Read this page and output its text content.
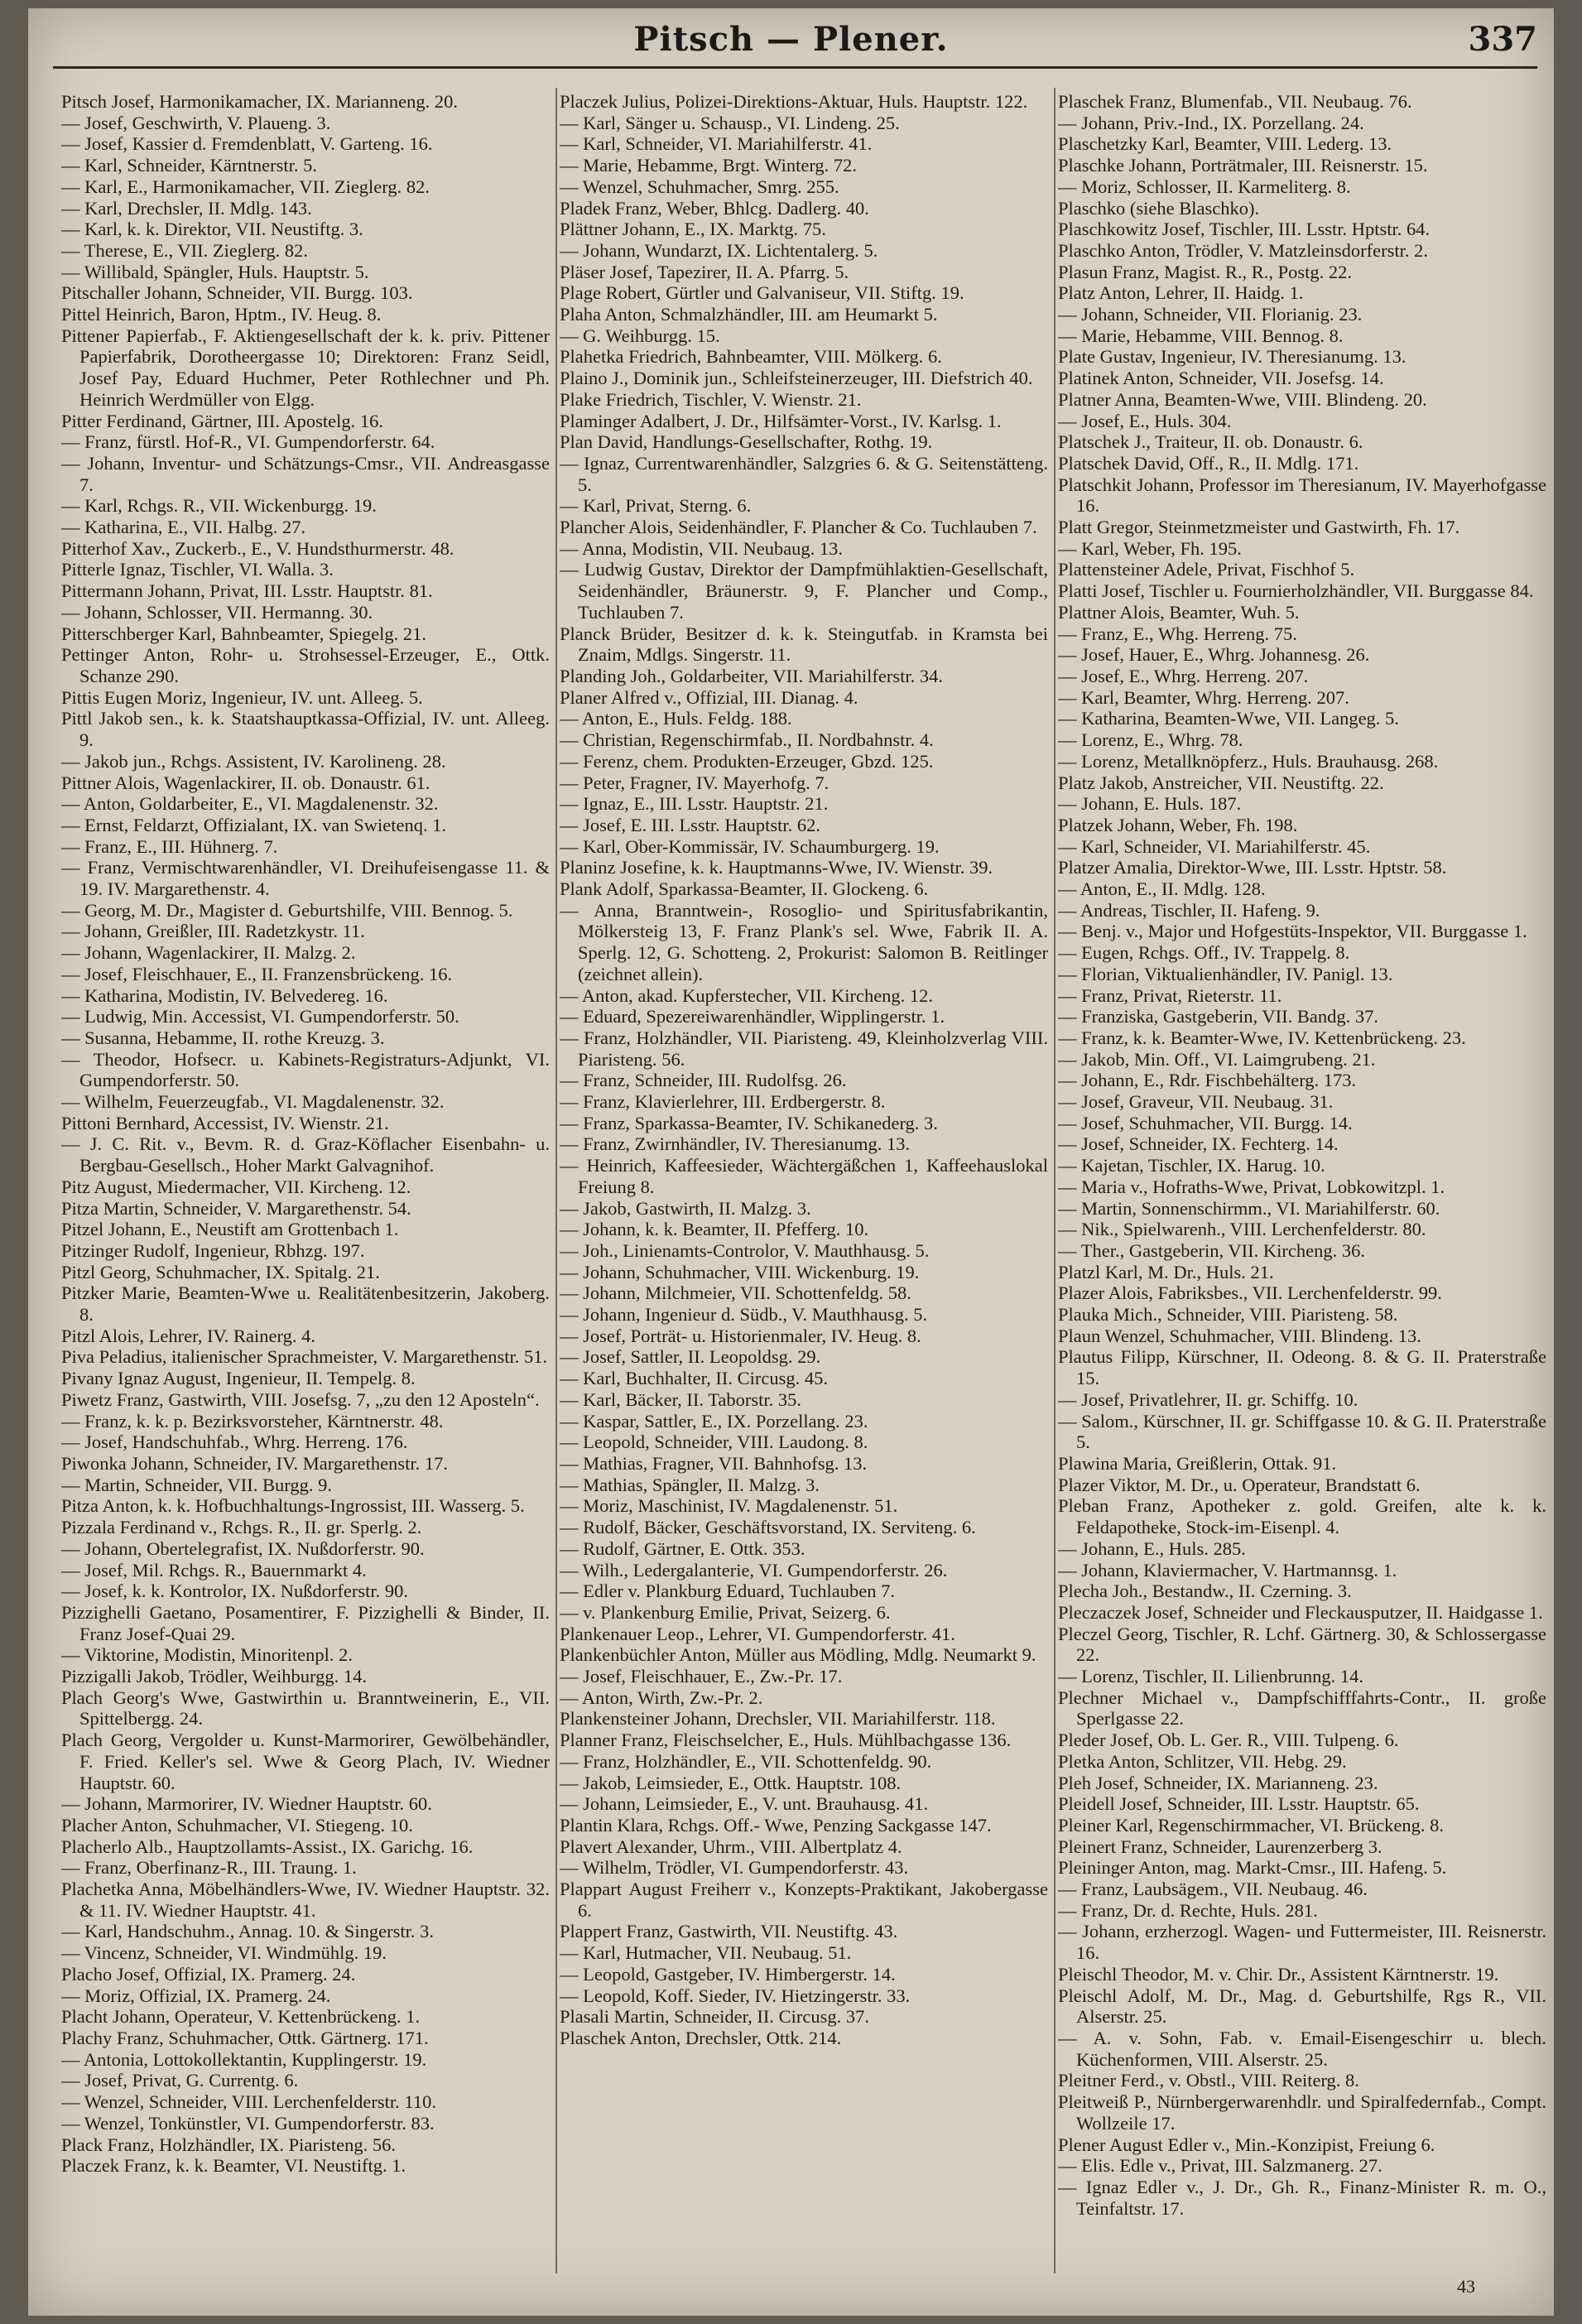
Pitsch — Plener.	337

Pitsch Josef, Harmonikamacher, IX. Marianneng. 20.

— Josef, Geschwirth, V. Plaueng. 3.

— Josef, Kassier d. Fremdenblatt, V. Garteng. 16.

— Karl, Schneider, Kärntnerstr. 5.

— Karl, E., Harmonikamacher, VII. Zieglerg. 82.

— Karl, Drechsler, II. Mdlg. 143.

— Karl, k. k. Direktor, VII. Neustiftg. 3.

— Therese, E., VII. Zieglerg. 82.

— Willibald, Spängler, Huls. Hauptstr. 5.

Pitschaller Johann, Schneider, VII. Burgg. 103.

Pittel Heinrich, Baron, Hptm., IV. Heug. 8.

Pittener Papierfab., F. Aktiengesellschaft der k. k. priv. Pittener Papierfabrik, Dorotheergasse 10; Direktoren: Franz Seidl, Josef Pay, Eduard Huchmer, Peter Rothlechner und Ph. Heinrich Werdmüller von Elgg.

Pitter Ferdinand, Gärtner, III. Apostelg. 16.

— Franz, fürstl. Hof-R., VI. Gumpendorferstr. 64.

— Johann, Inventur- und Schätzungs-Cmsr., VII. Andreasgasse 7.

— Karl, Rchgs. R., VII. Wickenburgg. 19.

— Katharina, E., VII. Halbg. 27.

Pitterhof Xav., Zuckerb., E., V. Hundsthurmerstr. 48.

Pitterle Ignaz, Tischler, VI. Walla. 3.

Pittermann Johann, Privat, III. Lsstr. Hauptstr. 81.

— Johann, Schlosser, VII. Hermanng. 30.

Pitterschberger Karl, Bahnbeamter, Spiegelg. 21.

Pettinger Anton, Rohr- u. Strohsessel-Erzeuger, E., Ottk. Schanze 290.

Pittis Eugen Moriz, Ingenieur, IV. unt. Alleeg. 5.

Pittl Jakob sen., k. k. Staatshauptkassa-Offizial, IV. unt. Alleeg. 9.

— Jakob jun., Rchgs. Assistent, IV. Karolineng. 28.

Pittner Alois, Wagenlackirer, II. ob. Donaustr. 61.

— Anton, Goldarbeiter, E., VI. Magdalenenstr. 32.

— Ernst, Feldarzt, Offizialant, IX. van Swietenq. 1.

— Franz, E., III. Hühnerg. 7.

— Franz, Vermischtwarenhändler, VI. Dreihufeisengasse 11. & 19. IV. Margarethenstr. 4.

— Georg, M. Dr., Magister d. Geburtshilfe, VIII. Bennog. 5.

— Johann, Greißler, III. Radetzkystr. 11.

— Johann, Wagenlackirer, II. Malzg. 2.

— Josef, Fleischhauer, E., II. Franzensbrückeng. 16.

— Katharina, Modistin, IV. Belvedereg. 16.

— Ludwig, Min. Accessist, VI. Gumpendorferstr. 50.

— Susanna, Hebamme, II. rothe Kreuzg. 3.

— Theodor, Hofsecr. u. Kabinets-Registraturs-Adjunkt, VI. Gumpendorferstr. 50.

— Wilhelm, Feuerzeugfab., VI. Magdalenenstr. 32.

Pittoni Bernhard, Accessist, IV. Wienstr. 21.

— J. C. Rit. v., Bevm. R. d. Graz-Köflacher Eisenbahn- u. Bergbau-Gesellsch., Hoher Markt Galvagnihof.

Pitz August, Miedermacher, VII. Kircheng. 12.

Pitza Martin, Schneider, V. Margarethenstr. 54.

Pitzel Johann, E., Neustift am Grottenbach 1.

Pitzinger Rudolf, Ingenieur, Rbhzg. 197.

Pitzl Georg, Schuhmacher, IX. Spitalg. 21.

Pitzker Marie, Beamten-Wwe u. Realitätenbesitzerin, Jakoberg. 8.

Pitzl Alois, Lehrer, IV. Rainerg. 4.

Piva Peladius, italienischer Sprachmeister, V. Margarethenstr. 51.

Pivany Ignaz August, Ingenieur, II. Tempelg. 8.

Piwetz Franz, Gastwirth, VIII. Josefsg. 7, „zu den 12 Aposteln“.

— Franz, k. k. p. Bezirksvorsteher, Kärntnerstr. 48.

— Josef, Handschuhfab., Whrg. Herreng. 176.

Piwonka Johann, Schneider, IV. Margarethenstr. 17.

— Martin, Schneider, VII. Burgg. 9.

Pitza Anton, k. k. Hofbuchhaltungs-Ingrossist, III. Wasserg. 5.

Pizzala Ferdinand v., Rchgs. R., II. gr. Sperlg. 2.

— Johann, Obertelegrafist, IX. Nußdorferstr. 90.

— Josef, Mil. Rchgs. R., Bauernmarkt 4.

— Josef, k. k. Kontrolor, IX. Nußdorferstr. 90.

Pizzighelli Gaetano, Posamentirer, F. Pizzighelli & Binder, II. Franz Josef-Quai 29.

— Viktorine, Modistin, Minoritenpl. 2.

Pizzigalli Jakob, Trödler, Weihburgg. 14.

Plach Georg's Wwe, Gastwirthin u. Branntweinerin, E., VII. Spittelbergg. 24.

Plach Georg, Vergolder u. Kunst-Marmorirer, Gewölbehändler, F. Fried. Keller's sel. Wwe & Georg Plach, IV. Wiedner Hauptstr. 60.

— Johann, Marmorirer, IV. Wiedner Hauptstr. 60.

Placher Anton, Schuhmacher, VI. Stiegeng. 10.

Placherlo Alb., Hauptzollamts-Assist., IX. Garichg. 16.

— Franz, Oberfinanz-R., III. Traung. 1.

Plachetka Anna, Möbelhändlers-Wwe, IV. Wiedner Hauptstr. 32. & 11. IV. Wiedner Hauptstr. 41.

— Karl, Handschuhm., Annag. 10. & Singerstr. 3.

— Vincenz, Schneider, VI. Windmühlg. 19.

Placho Josef, Offizial, IX. Pramerg. 24.

— Moriz, Offizial, IX. Pramerg. 24.

Placht Johann, Operateur, V. Kettenbrückeng. 1.

Plachy Franz, Schuhmacher, Ottk. Gärtnerg. 171.

— Antonia, Lottokollektantin, Kupplingerstr. 19.

— Josef, Privat, G. Currentg. 6.

— Wenzel, Schneider, VIII. Lerchenfelderstr. 110.

— Wenzel, Tonkünstler, VI. Gumpendorferstr. 83.

Plack Franz, Holzhändler, IX. Piaristeng. 56.

Placzek Franz, k. k. Beamter, VI. Neustiftg. 1.

Placzek Julius, Polizei-Direktions-Aktuar, Huls. Hauptstr. 122.

— Karl, Sänger u. Schausp., VI. Lindeng. 25.

— Karl, Schneider, VI. Mariahilferstr. 41.

— Marie, Hebamme, Brgt. Winterg. 72.

— Wenzel, Schuhmacher, Smrg. 255.

Pladek Franz, Weber, Bhlcg. Dadlerg. 40.

Plättner Johann, E., IX. Marktg. 75.

— Johann, Wundarzt, IX. Lichtentalerg. 5.

Pläser Josef, Tapezirer, II. A. Pfarrg. 5.

Plage Robert, Gürtler und Galvaniseur, VII. Stiftg. 19.

Plaha Anton, Schmalzhändler, III. am Heumarkt 5.

— G. Weihburgg. 15.

Plahetka Friedrich, Bahnbeamter, VIII. Mölkerg. 6.

Plaino J., Dominik jun., Schleifsteinerzeuger, III. Diefstrich 40.

Plake Friedrich, Tischler, V. Wienstr. 21.

Plaminger Adalbert, J. Dr., Hilfsämter-Vorst., IV. Karlsg. 1.

Plan David, Handlungs-Gesellschafter, Rothg. 19.

— Ignaz, Currentwarenhändler, Salzgries 6. & G. Seitenstätteng. 5.

— Karl, Privat, Sterng. 6.

Plancher Alois, Seidenhändler, F. Plancher & Co. Tuchlauben 7.

— Anna, Modistin, VII. Neubaug. 13.

— Ludwig Gustav, Direktor der Dampfmühlaktien-Gesellschaft, Seidenhändler, Bräunerstr. 9, F. Plancher und Comp., Tuchlauben 7.

Planck Brüder, Besitzer d. k. k. Steingutfab. in Kramsta bei Znaim, Mdlgs. Singerstr. 11.

Planding Joh., Goldarbeiter, VII. Mariahilferstr. 34.

Planer Alfred v., Offizial, III. Dianag. 4.

— Anton, E., Huls. Feldg. 188.

— Christian, Regenschirmfab., II. Nordbahnstr. 4.

— Ferenz, chem. Produkten-Erzeuger, Gbzd. 125.

— Peter, Fragner, IV. Mayerhofg. 7.

— Ignaz, E., III. Lsstr. Hauptstr. 21.

— Josef, E. III. Lsstr. Hauptstr. 62.

— Karl, Ober-Kommissär, IV. Schaumburgerg. 19.

Planinz Josefine, k. k. Hauptmanns-Wwe, IV. Wienstr. 39.

Plank Adolf, Sparkassa-Beamter, II. Glockeng. 6.

— Anna, Branntwein-, Rosoglio- und Spiritusfabrikantin, Mölkersteig 13, F. Franz Plank's sel. Wwe, Fabrik II. A. Sperlg. 12, G. Schotteng. 2, Prokurist: Salomon B. Reitlinger (zeichnet allein).

— Anton, akad. Kupferstecher, VII. Kircheng. 12.

— Eduard, Spezereiwarenhändler, Wipplingerstr. 1.

— Franz, Holzhändler, VII. Piaristeng. 49, Kleinholzverlag VIII. Piaristeng. 56.

— Franz, Schneider, III. Rudolfsg. 26.

— Franz, Klavierlehrer, III. Erdbergerstr. 8.

— Franz, Sparkassa-Beamter, IV. Schikanederg. 3.

— Franz, Zwirnhändler, IV. Theresianumg. 13.

— Heinrich, Kaffeesieder, Wächtergäßchen 1, Kaffeehauslokal Freiung 8.

— Jakob, Gastwirth, II. Malzg. 3.

— Johann, k. k. Beamter, II. Pfefferg. 10.

— Joh., Linienamts-Controlor, V. Mauthhausg. 5.

— Johann, Schuhmacher, VIII. Wickenburg. 19.

— Johann, Milchmeier, VII. Schottenfeldg. 58.

— Johann, Ingenieur d. Südb., V. Mauthhausg. 5.

— Josef, Porträt- u. Historienmaler, IV. Heug. 8.

— Josef, Sattler, II. Leopoldsg. 29.

— Karl, Buchhalter, II. Circusg. 45.

— Karl, Bäcker, II. Taborstr. 35.

— Kaspar, Sattler, E., IX. Porzellang. 23.

— Leopold, Schneider, VIII. Laudong. 8.

— Mathias, Fragner, VII. Bahnhofsg. 13.

— Mathias, Spängler, II. Malzg. 3.

— Moriz, Maschinist, IV. Magdalenenstr. 51.

— Rudolf, Bäcker, Geschäftsvorstand, IX. Serviteng. 6.

— Rudolf, Gärtner, E. Ottk. 353.

— Wilh., Ledergalanterie, VI. Gumpendorferstr. 26.

— Edler v. Plankburg Eduard, Tuchlauben 7.

— v. Plankenburg Emilie, Privat, Seizerg. 6.

Plankenauer Leop., Lehrer, VI. Gumpendorferstr. 41.

Plankenbüchler Anton, Müller aus Mödling, Mdlg. Neumarkt 9.

— Josef, Fleischhauer, E., Zw.-Pr. 17.

— Anton, Wirth, Zw.-Pr. 2.

Plankensteiner Johann, Drechsler, VII. Mariahilferstr. 118.

Planner Franz, Fleischselcher, E., Huls. Mühlbachgasse 136.

— Franz, Holzhändler, E., VII. Schottenfeldg. 90.

— Jakob, Leimsieder, E., Ottk. Hauptstr. 108.

— Johann, Leimsieder, E., V. unt. Brauhausg. 41.

Plantin Klara, Rchgs. Off.- Wwe, Penzing Sackgasse 147.

Plavert Alexander, Uhrm., VIII. Albertplatz 4.

— Wilhelm, Trödler, VI. Gumpendorferstr. 43.

Plappart August Freiherr v., Konzepts-Praktikant, Jakobergasse 6.

Plappert Franz, Gastwirth, VII. Neustiftg. 43.

— Karl, Hutmacher, VII. Neubaug. 51.

— Leopold, Gastgeber, IV. Himbergerstr. 14.

— Leopold, Koff. Sieder, IV. Hietzingerstr. 33.

Plasali Martin, Schneider, II. Circusg. 37.

Plaschek Anton, Drechsler, Ottk. 214.

Plaschek Franz, Blumenfab., VII. Neubaug. 76.

— Johann, Priv.-Ind., IX. Porzellang. 24.

Plaschetzky Karl, Beamter, VIII. Lederg. 13.

Plaschke Johann, Porträtmaler, III. Reisnerstr. 15.

— Moriz, Schlosser, II. Karmeliterg. 8.

Plaschko (siehe Blaschko).

Plaschkowitz Josef, Tischler, III. Lsstr. Hptstr. 64.

Plaschko Anton, Trödler, V. Matzleinsdorferstr. 2.

Plasun Franz, Magist. R., R., Postg. 22.

Platz Anton, Lehrer, II. Haidg. 1.

— Johann, Schneider, VII. Florianig. 23.

— Marie, Hebamme, VIII. Bennog. 8.

Plate Gustav, Ingenieur, IV. Theresianumg. 13.

Platinek Anton, Schneider, VII. Josefsg. 14.

Platner Anna, Beamten-Wwe, VIII. Blindeng. 20.

— Josef, E., Huls. 304.

Platschek J., Traiteur, II. ob. Donaustr. 6.

Platschek David, Off., R., II. Mdlg. 171.

Platschkit Johann, Professor im Theresianum, IV. Mayerhofgasse 16.

Platt Gregor, Steinmetzmeister und Gastwirth, Fh. 17.

— Karl, Weber, Fh. 195.

Plattensteiner Adele, Privat, Fischhof 5.

Platti Josef, Tischler u. Fournierholzhändler, VII. Burggasse 84.

Plattner Alois, Beamter, Wuh. 5.

— Franz, E., Whg. Herreng. 75.

— Josef, Hauer, E., Whrg. Johannesg. 26.

— Josef, E., Whrg. Herreng. 207.

— Karl, Beamter, Whrg. Herreng. 207.

— Katharina, Beamten-Wwe, VII. Langeg. 5.

— Lorenz, E., Whrg. 78.

— Lorenz, Metallknöpferz., Huls. Brauhausg. 268.

Platz Jakob, Anstreicher, VII. Neustiftg. 22.

— Johann, E. Huls. 187.

Platzek Johann, Weber, Fh. 198.

— Karl, Schneider, VI. Mariahilferstr. 45.

Platzer Amalia, Direktor-Wwe, III. Lsstr. Hptstr. 58.

— Anton, E., II. Mdlg. 128.

— Andreas, Tischler, II. Hafeng. 9.

— Benj. v., Major und Hofgestüts-Inspektor, VII. Burggasse 1.

— Eugen, Rchgs. Off., IV. Trappelg. 8.

— Florian, Viktualienhändler, IV. Panigl. 13.

— Franz, Privat, Rieterstr. 11.

— Franziska, Gastgeberin, VII. Bandg. 37.

— Franz, k. k. Beamter-Wwe, IV. Kettenbrückeng. 23.

— Jakob, Min. Off., VI. Laimgrubeng. 21.

— Johann, E., Rdr. Fischbehälterg. 173.

— Josef, Graveur, VII. Neubaug. 31.

— Josef, Schuhmacher, VII. Burgg. 14.

— Josef, Schneider, IX. Fechterg. 14.

— Kajetan, Tischler, IX. Harug. 10.

— Maria v., Hofraths-Wwe, Privat, Lobkowitzpl. 1.

— Martin, Sonnenschirmm., VI. Mariahilferstr. 60.

— Nik., Spielwarenh., VIII. Lerchenfelderstr. 80.

— Ther., Gastgeberin, VII. Kircheng. 36.

Platzl Karl, M. Dr., Huls. 21.

Plazer Alois, Fabriksbes., VII. Lerchenfelderstr. 99.

Plauka Mich., Schneider, VIII. Piaristeng. 58.

Plaun Wenzel, Schuhmacher, VIII. Blindeng. 13.

Plautus Filipp, Kürschner, II. Odeong. 8. & G. II. Praterstraße 15.

— Josef, Privatlehrer, II. gr. Schiffg. 10.

— Salom., Kürschner, II. gr. Schiffgasse 10. & G. II. Praterstraße 5.

Plawina Maria, Greißlerin, Ottak. 91.

Plazer Viktor, M. Dr., u. Operateur, Brandstatt 6.

Pleban Franz, Apotheker z. gold. Greifen, alte k. k. Feldapotheke, Stock-im-Eisenpl. 4.

— Johann, E., Huls. 285.

— Johann, Klaviermacher, V. Hartmannsg. 1.

Plecha Joh., Bestandw., II. Czerning. 3.

Pleczaczek Josef, Schneider und Fleckausputzer, II. Haidgasse 1.

Pleczel Georg, Tischler, R. Lchf. Gärtnerg. 30, & Schlossergasse 22.

— Lorenz, Tischler, II. Lilienbrunng. 14.

Plechner Michael v., Dampfschifffahrts-Contr., II. große Sperlgasse 22.

Pleder Josef, Ob. L. Ger. R., VIII. Tulpeng. 6.

Pletka Anton, Schlitzer, VII. Hebg. 29.

Pleh Josef, Schneider, IX. Marianneng. 23.

Pleidell Josef, Schneider, III. Lsstr. Hauptstr. 65.

Pleiner Karl, Regenschirmmacher, VI. Brückeng. 8.

Pleinert Franz, Schneider, Laurenzerberg 3.

Pleininger Anton, mag. Markt-Cmsr., III. Hafeng. 5.

— Franz, Laubsägem., VII. Neubaug. 46.

— Franz, Dr. d. Rechte, Huls. 281.

— Johann, erzherzogl. Wagen- und Futtermeister, III. Reisnerstr. 16.

Pleischl Theodor, M. v. Chir. Dr., Assistent Kärntnerstr. 19.

Pleischl Adolf, M. Dr., Mag. d. Geburtshilfe, Rgs R., VII. Alserstr. 25.

— A. v. Sohn, Fab. v. Email-Eisengeschirr u. blech. Küchenformen, VIII. Alserstr. 25.

Pleitner Ferd., v. Obstl., VIII. Reiterg. 8.

Pleitweiß P., Nürnbergerwarenhdlr. und Spiralfedernfab., Compt. Wollzeile 17.

Plener August Edler v., Min.-Konzipist, Freiung 6.

— Elis. Edle v., Privat, III. Salzmanerg. 27.

— Ignaz Edler v., J. Dr., Gh. R., Finanz-Minister R. m. O., Teinfaltstr. 17.

43
